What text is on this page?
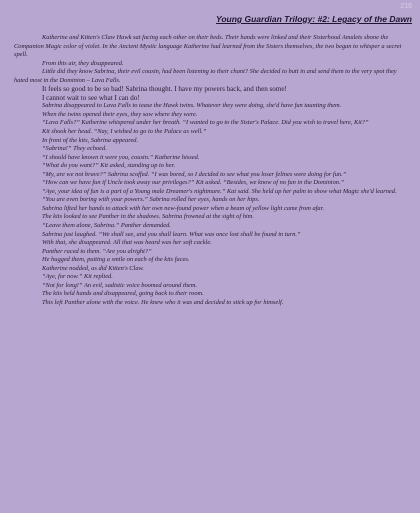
216
Young Guardian Trilogy: #2: Legacy of the Dawn

Katherine and Kitten's Claw Hawk sat facing each other on their beds. Their hands were linked and their Sisterhood Amulets shone the Companion Magic color of violet. In the Ancient Mystic language Katherine had learned from the Sisters themselves, the two began to whisper a secret spell.

From this air, they disappeared.

Little did they know Sabrina, their evil cousin, had been listening to their chant? She decided to butt in and send them to the very spot they hated most in the Dominion – Lava Falls.

It feels so good to be so bad! Sabrina thought. I have my powers back, and then some!

I cannot wait to see what I can do!

Sabrina disappeared to Lava Falls to tease the Hawk twins. Whatever they were doing, she'd have fun taunting them.

When the twins opened their eyes, they saw where they were.

“Lava Falls?” Katherine whispered under her breath. “I wanted to go to the Sister's Palace. Did you wish to travel here, Kit?”

Kit shook her head. “Nay, I wished to go to the Palace as well.”

In front of the kits, Sabrina appeared.

“Sabrina!” They echoed.

“I should have known it were you, cousin.” Katherine hissed.

“What do you want?” Kit asked, standing up to her.

“My, are we not brave?” Sabrina scoffed. “I was bored, so I decided to see what you loser felines were doing for fun.”

“How can we have fun if Uncle took away our privileges?” Kit asked. “Besides, we know of no fun in the Dominion.”

“Aye, your idea of fun is a part of a Young male Dreamer's nightmare.” Kat said. She held up her palm to show what Magic she'd learned.

“You are even boring with your powers.” Sabrina rolled her eyes, hands on her hips.

Sabrina lifted her hands to attack with her own new-found power when a beam of yellow light came from afar.

The kits looked to see Panther in the shadows. Sabrina frowned at the sight of him.

“Leave them alone, Sabrina.” Panther demanded.

Sabrina just laughed. “We shall see, and you shall learn. What was once lost shall be found in turn.”

With that, she disappeared. All that was heard was her soft cackle.

Panther raced to them. “Are you alright?”

He hugged them, putting a smile on each of the kits faces.

Katherine nodded, as did Kitten's Claw.

“Aye, for now.” Kit replied.

“Not for long!” An evil, sadistic voice boomed around them.

The kits held hands and disappeared, going back to their room.

This left Panther alone with the voice. He knew who it was and decided to stick up for himself.
